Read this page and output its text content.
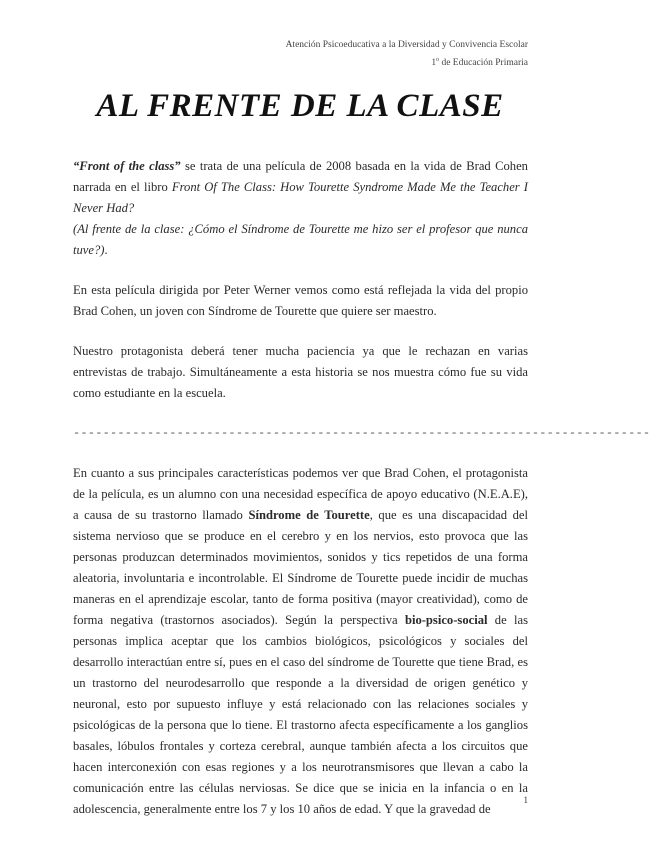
Atención Psicoeducativa a la Diversidad y Convivencia Escolar
1$^o$ de Educación Primaria
AL FRENTE DE LA CLASE

“Front of the class” se trata de una película de 2008 basada en la vida de Brad Cohen narrada en el libro Front Of The Class: How Tourette Syndrome Made Me the Teacher I Never Had?
(Al frente de la clase: ¿Cómo el Síndrome de Tourette me hizo ser el profesor que nunca tuve?).

En esta película dirigida por Peter Werner vemos como está reflejada la vida del propio Brad Cohen, un joven con Síndrome de Tourette que quiere ser maestro.

Nuestro protagonista deberá tener mucha paciencia ya que le rechazan en varias entrevistas de trabajo. Simultáneamente a esta historia se nos muestra cómo fue su vida como estudiante en la escuela.

------------------------------------------------------------------------------

En cuanto a sus principales características podemos ver que Brad Cohen, el protagonista de la película, es un alumno con una necesidad específica de apoyo educativo (N.E.A.E), a causa de su trastorno llamado Síndrome de Tourette, que es una discapacidad del sistema nervioso que se produce en el cerebro y en los nervios, esto provoca que las personas produzcan determinados movimientos, sonidos y tics repetidos de una forma aleatoria, involuntaria e incontrolable. El Síndrome de Tourette puede incidir de muchas maneras en el aprendizaje escolar, tanto de forma positiva (mayor creatividad), como de forma negativa (trastornos asociados). Según la perspectiva bio-psico-social de las personas implica aceptar que los cambios biológicos, psicológicos y sociales del desarrollo interactúan entre sí, pues en el caso del síndrome de Tourette que tiene Brad, es un trastorno del neurodesarrollo que responde a la diversidad de origen genético y neuronal, esto por supuesto influye y está relacionado con las relaciones sociales y psicológicas de la persona que lo tiene. El trastorno afecta específicamente a los ganglios basales, lóbulos frontales y corteza cerebral, aunque también afecta a los circuitos que hacen interconexión con esas regiones y a los neurotransmisores que llevan a cabo la comunicación entre las células nerviosas. Se dice que se inicia en la infancia o en la adolescencia, generalmente entre los 7 y los 10 años de edad. Y que la gravedad de

1
